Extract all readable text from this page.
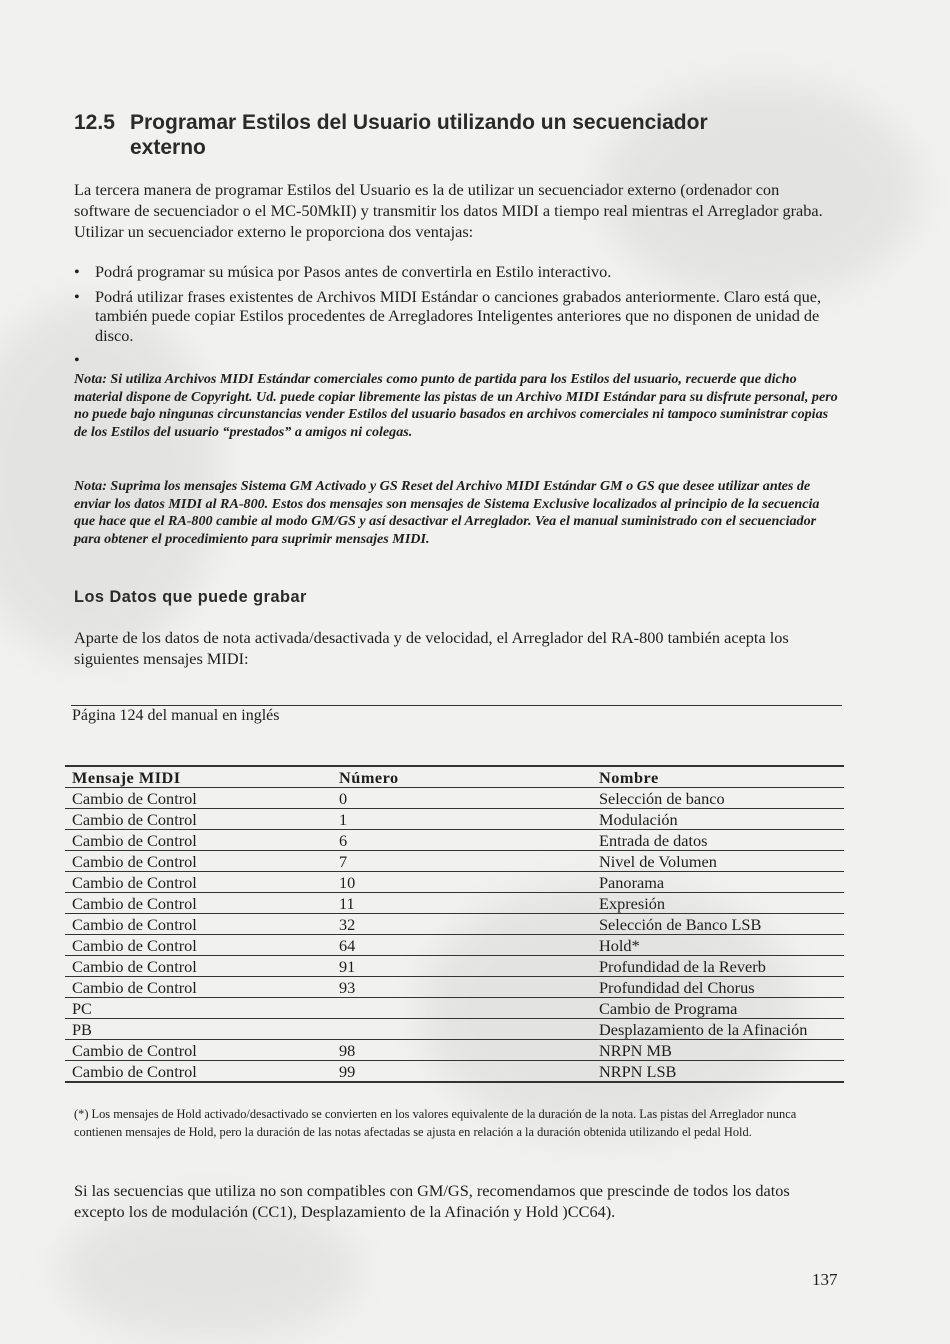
12.5 Programar Estilos del Usuario utilizando un secuenciador
externo

La tercera manera de programar Estilos del Usuario es la de utilizar un secuenciador externo (ordenador con software de secuenciador o el MC-50MkII) y transmitir los datos MIDI a tiempo real mientras el Arreglador graba. Utilizar un secuenciador externo le proporciona dos ventajas:

• Podrá programar su música por Pasos antes de convertirla en Estilo interactivo.
• Podrá utilizar frases existentes de Archivos MIDI Estándar o canciones grabados anteriormente. Claro está que, también puede copiar Estilos procedentes de Arregladores Inteligentes anteriores que no disponen de unidad de disco.
•

Nota: Si utiliza Archivos MIDI Estándar comerciales como punto de partida para los Estilos del usuario, recuerde que dicho material dispone de Copyright. Ud. puede copiar libremente las pistas de un Archivo MIDI Estándar para su disfrute personal, pero no puede bajo ningunas circunstancias vender Estilos del usuario basados en archivos comerciales ni tampoco suministrar copias de los Estilos del usuario “prestados” a amigos ni colegas.

Nota: Suprima los mensajes Sistema GM Activado y GS Reset del Archivo MIDI Estándar GM o GS que desee utilizar antes de enviar los datos MIDI al RA-800. Estos dos mensajes son mensajes de Sistema Exclusive localizados al principio de la secuencia que hace que el RA-800 cambie al modo GM/GS y así desactivar el Arreglador. Vea el manual suministrado con el secuenciador para obtener el procedimiento para suprimir mensajes MIDI.

Los Datos que puede grabar

Aparte de los datos de nota activada/desactivada y de velocidad, el Arreglador del RA-800 también acepta los siguientes mensajes MIDI:

Página 124 del manual en inglés
Mensaje MIDI	Número	Nombre
Cambio de Control	0	Selección de banco
Cambio de Control	1	Modulación
Cambio de Control	6	Entrada de datos
Cambio de Control	7	Nivel de Volumen
Cambio de Control	10	Panorama
Cambio de Control	11	Expresión
Cambio de Control	32	Selección de Banco LSB
Cambio de Control	64	Hold*
Cambio de Control	91	Profundidad de la Reverb
Cambio de Control	93	Profundidad del Chorus
PC		Cambio de Programa
PB		Desplazamiento de la Afinación
Cambio de Control	98	NRPN MB
Cambio de Control	99	NRPN LSB

(*) Los mensajes de Hold activado/desactivado se convierten en los valores equivalente de la duración de la nota. Las pistas del Arreglador nunca contienen mensajes de Hold, pero la duración de las notas afectadas se ajusta en relación a la duración obtenida utilizando el pedal Hold.

Si las secuencias que utiliza no son compatibles con GM/GS, recomendamos que prescinde de todos los datos excepto los de modulación (CC1), Desplazamiento de la Afinación y Hold )CC64).

137
